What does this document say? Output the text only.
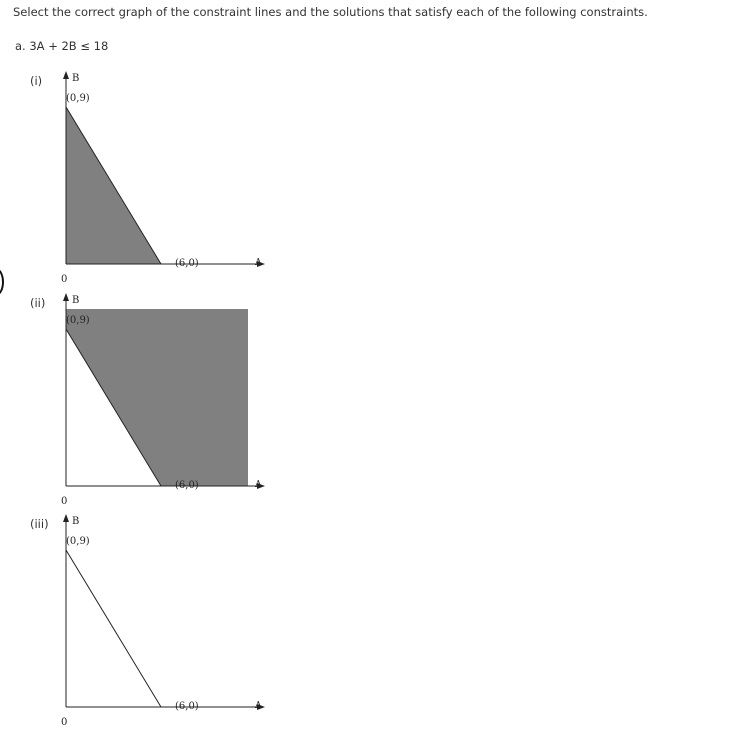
Select the correct graph of the constraint lines and the solutions that satisfy each of the following constraints.
a. 3A + 2B ≤ 18
(i)	B
A
(0,9)
(6,0)
0
(ii)	B
A
(0,9)
(6,0)
0
(iii) B
A
(0,9)
(6,0)
0
